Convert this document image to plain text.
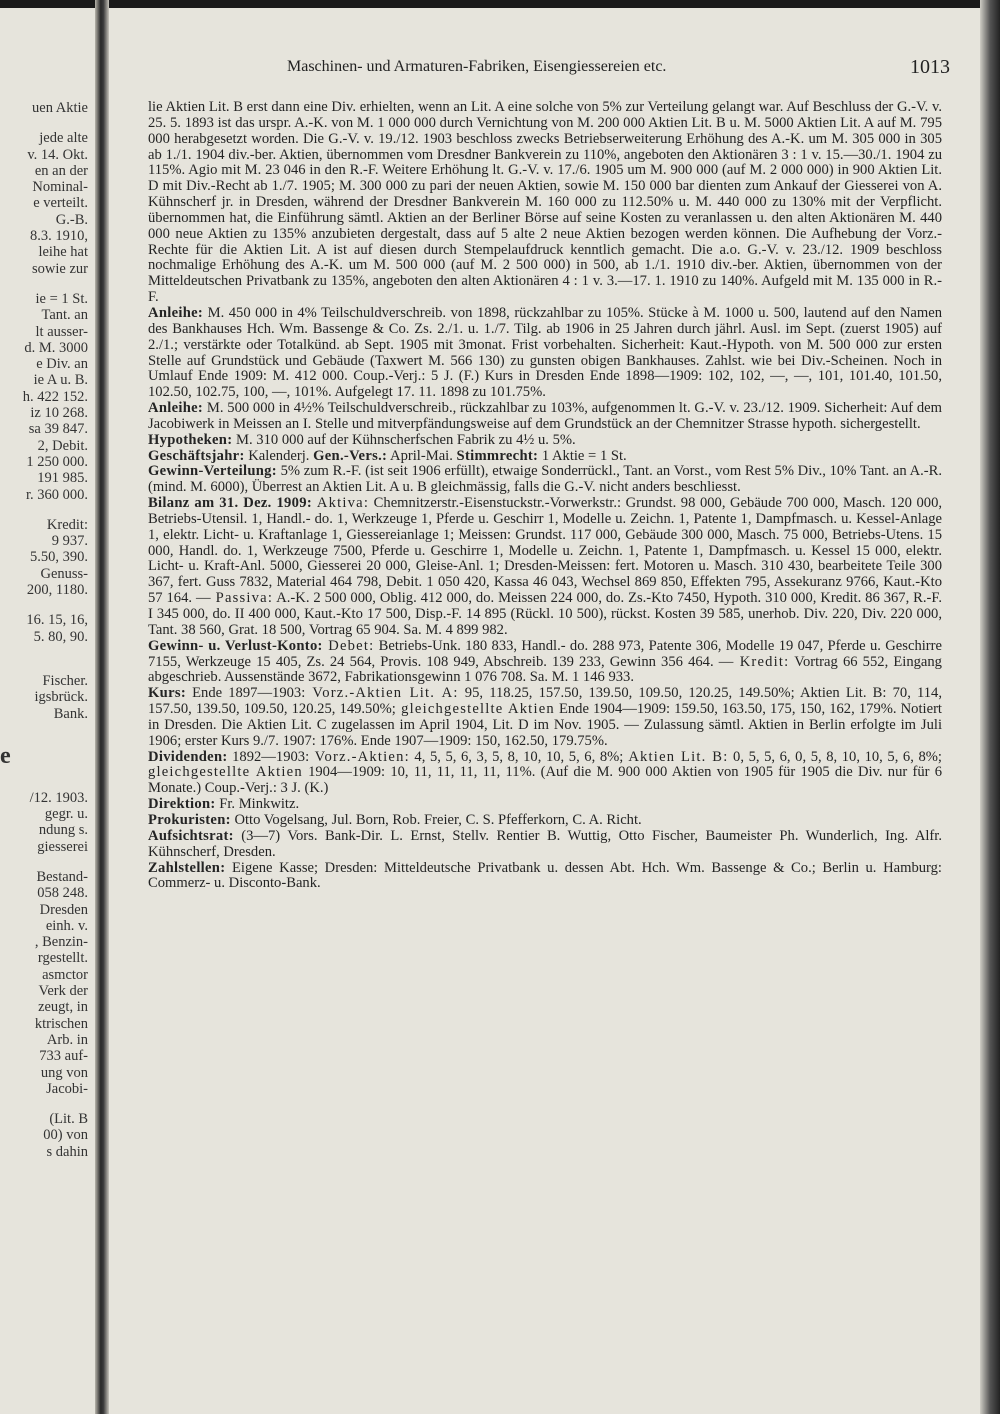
uen Aktie
jede alte
v. 14. Okt.
en an der
Nominal-
e verteilt.
G.-B.
8.3. 1910,
leihe hat
sowie zur
ie = 1 St.
Tant. an
lt ausser-
d. M. 3000
e Div. an
ie A u. B.
h. 422 152.
iz 10 268.
sa 39 847.
2, Debit.
1 250 000.
191 985.
r. 360 000.
Kredit:
9 937.
5.50, 390.
Genuss-
200, 1180.
16. 15, 16,
5. 80, 90.
Fischer.
igsbrück.
Bank.
e
/12. 1903.
gegr. u.
ndung s.
giesserei
Bestand-
058 248.
Dresden
einh. v.
, Benzin-
rgestellt.
asmctor
Verk der
zeugt, in
ktrischen
Arb. in
733 auf-
ung von
Jacobi-
(Lit. B
00) von
s dahin
Maschinen- und Armaturen-Fabriken, Eisengiessereien etc.	1013

lie Aktien Lit. B erst dann eine Div. erhielten, wenn an Lit. A eine solche von 5% zur Verteilung gelangt war. Auf Beschluss der G.-V. v. 25. 5. 1893 ist das urspr. A.-K. von M. 1 000 000 durch Vernichtung von M. 200 000 Aktien Lit. B u. M. 5000 Aktien Lit. A auf M. 795 000 herabgesetzt worden. Die G.-V. v. 19./12. 1903 beschloss zwecks Betriebserweiterung Erhöhung des A.-K. um M. 305 000 in 305 ab 1./1. 1904 div.-ber. Aktien, übernommen vom Dresdner Bankverein zu 110%, angeboten den Aktionären 3 : 1 v. 15.—30./1. 1904 zu 115%. Agio mit M. 23 046 in den R.-F. Weitere Erhöhung lt. G.-V. v. 17./6. 1905 um M. 900 000 (auf M. 2 000 000) in 900 Aktien Lit. D mit Div.-Recht ab 1./7. 1905; M. 300 000 zu pari der neuen Aktien, sowie M. 150 000 bar dienten zum Ankauf der Giesserei von A. Kühnscherf jr. in Dresden, während der Dresdner Bankverein M. 160 000 zu 112.50% u. M. 440 000 zu 130% mit der Verpflicht. übernommen hat, die Einführung sämtl. Aktien an der Berliner Börse auf seine Kosten zu veranlassen u. den alten Aktionären M. 440 000 neue Aktien zu 135% anzubieten dergestalt, dass auf 5 alte 2 neue Aktien bezogen werden können. Die Aufhebung der Vorz.-Rechte für die Aktien Lit. A ist auf diesen durch Stempelaufdruck kenntlich gemacht. Die a.o. G.-V. v. 23./12. 1909 beschloss nochmalige Erhöhung des A.-K. um M. 500 000 (auf M. 2 500 000) in 500, ab 1./1. 1910 div.-ber. Aktien, übernommen von der Mitteldeutschen Privatbank zu 135%, angeboten den alten Aktionären 4 : 1 v. 3.—17. 1. 1910 zu 140%. Aufgeld mit M. 135 000 in R.-F.

Anleihe: M. 450 000 in 4% Teilschuldverschreib. von 1898, rückzahlbar zu 105%. Stücke à M. 1000 u. 500, lautend auf den Namen des Bankhauses Hch. Wm. Bassenge & Co. Zs. 2./1. u. 1./7. Tilg. ab 1906 in 25 Jahren durch jährl. Ausl. im Sept. (zuerst 1905) auf 2./1.; verstärkte oder Totalkünd. ab Sept. 1905 mit 3monat. Frist vorbehalten. Sicherheit: Kaut.-Hypoth. von M. 500 000 zur ersten Stelle auf Grundstück und Gebäude (Taxwert M. 566 130) zu gunsten obigen Bankhauses. Zahlst. wie bei Div.-Scheinen. Noch in Umlauf Ende 1909: M. 412 000. Coup.-Verj.: 5 J. (F.) Kurs in Dresden Ende 1898—1909: 102, 102, —, —, 101, 101.40, 101.50, 102.50, 102.75, 100, —, 101%. Aufgelegt 17. 11. 1898 zu 101.75%.

Anleihe: M. 500 000 in 4½% Teilschuldverschreib., rückzahlbar zu 103%, aufgenommen lt. G.-V. v. 23./12. 1909. Sicherheit: Auf dem Jacobiwerk in Meissen an I. Stelle und mitverpfändungsweise auf dem Grundstück an der Chemnitzer Strasse hypoth. sichergestellt.

Hypotheken: M. 310 000 auf der Kühnscherfschen Fabrik zu 4½ u. 5%.

Geschäftsjahr: Kalenderj. Gen.-Vers.: April-Mai. Stimmrecht: 1 Aktie = 1 St.

Gewinn-Verteilung: 5% zum R.-F. (ist seit 1906 erfüllt), etwaige Sonderrückl., Tant. an Vorst., vom Rest 5% Div., 10% Tant. an A.-R. (mind. M. 6000), Überrest an Aktien Lit. A u. B gleichmässig, falls die G.-V. nicht anders beschliesst.

Bilanz am 31. Dez. 1909: Aktiva: Chemnitzerstr.-Eisenstuckstr.-Vorwerkstr.: Grundst. 98 000, Gebäude 700 000, Masch. 120 000, Betriebs-Utensil. 1, Handl.- do. 1, Werkzeuge 1, Pferde u. Geschirr 1, Modelle u. Zeichn. 1, Patente 1, Dampfmasch. u. Kessel-Anlage 1, elektr. Licht- u. Kraftanlage 1, Giessereianlage 1; Meissen: Grundst. 117 000, Gebäude 300 000, Masch. 75 000, Betriebs-Utens. 15 000, Handl. do. 1, Werkzeuge 7500, Pferde u. Geschirre 1, Modelle u. Zeichn. 1, Patente 1, Dampfmasch. u. Kessel 15 000, elektr. Licht- u. Kraft-Anl. 5000, Giesserei 20 000, Gleise-Anl. 1; Dresden-Meissen: fert. Motoren u. Masch. 310 430, bearbeitete Teile 300 367, fert. Guss 7832, Material 464 798, Debit. 1 050 420, Kassa 46 043, Wechsel 869 850, Effekten 795, Assekuranz 9766, Kaut.-Kto 57 164. — Passiva: A.-K. 2 500 000, Oblig. 412 000, do. Meissen 224 000, do. Zs.-Kto 7450, Hypoth. 310 000, Kredit. 86 367, R.-F. I 345 000, do. II 400 000, Kaut.-Kto 17 500, Disp.-F. 14 895 (Rückl. 10 500), rückst. Kosten 39 585, unerhob. Div. 220, Div. 220 000, Tant. 38 560, Grat. 18 500, Vortrag 65 904. Sa. M. 4 899 982.

Gewinn- u. Verlust-Konto: Debet: Betriebs-Unk. 180 833, Handl.- do. 288 973, Patente 306, Modelle 19 047, Pferde u. Geschirre 7155, Werkzeuge 15 405, Zs. 24 564, Provis. 108 949, Abschreib. 139 233, Gewinn 356 464. — Kredit: Vortrag 66 552, Eingang abgeschrieb. Aussenstände 3672, Fabrikationsgewinn 1 076 708. Sa. M. 1 146 933.

Kurs: Ende 1897—1903: Vorz.-Aktien Lit. A: 95, 118.25, 157.50, 139.50, 109.50, 120.25, 149.50%; Aktien Lit. B: 70, 114, 157.50, 139.50, 109.50, 120.25, 149.50%; gleichgestellte Aktien Ende 1904—1909: 159.50, 163.50, 175, 150, 162, 179%. Notiert in Dresden. Die Aktien Lit. C zugelassen im April 1904, Lit. D im Nov. 1905. — Zulassung sämtl. Aktien in Berlin erfolgte im Juli 1906; erster Kurs 9./7. 1907: 176%. Ende 1907—1909: 150, 162.50, 179.75%.

Dividenden: 1892—1903: Vorz.-Aktien: 4, 5, 5, 6, 3, 5, 8, 10, 10, 5, 6, 8%; Aktien Lit. B: 0, 5, 5, 6, 0, 5, 8, 10, 10, 5, 6, 8%; gleichgestellte Aktien 1904—1909: 10, 11, 11, 11, 11, 11%. (Auf die M. 900 000 Aktien von 1905 für 1905 die Div. nur für 6 Monate.) Coup.-Verj.: 3 J. (K.)

Direktion: Fr. Minkwitz.

Prokuristen: Otto Vogelsang, Jul. Born, Rob. Freier, C. S. Pfefferkorn, C. A. Richt.

Aufsichtsrat: (3—7) Vors. Bank-Dir. L. Ernst, Stellv. Rentier B. Wuttig, Otto Fischer, Baumeister Ph. Wunderlich, Ing. Alfr. Kühnscherf, Dresden.

Zahlstellen: Eigene Kasse; Dresden: Mitteldeutsche Privatbank u. dessen Abt. Hch. Wm. Bassenge & Co.; Berlin u. Hamburg: Commerz- u. Disconto-Bank.
